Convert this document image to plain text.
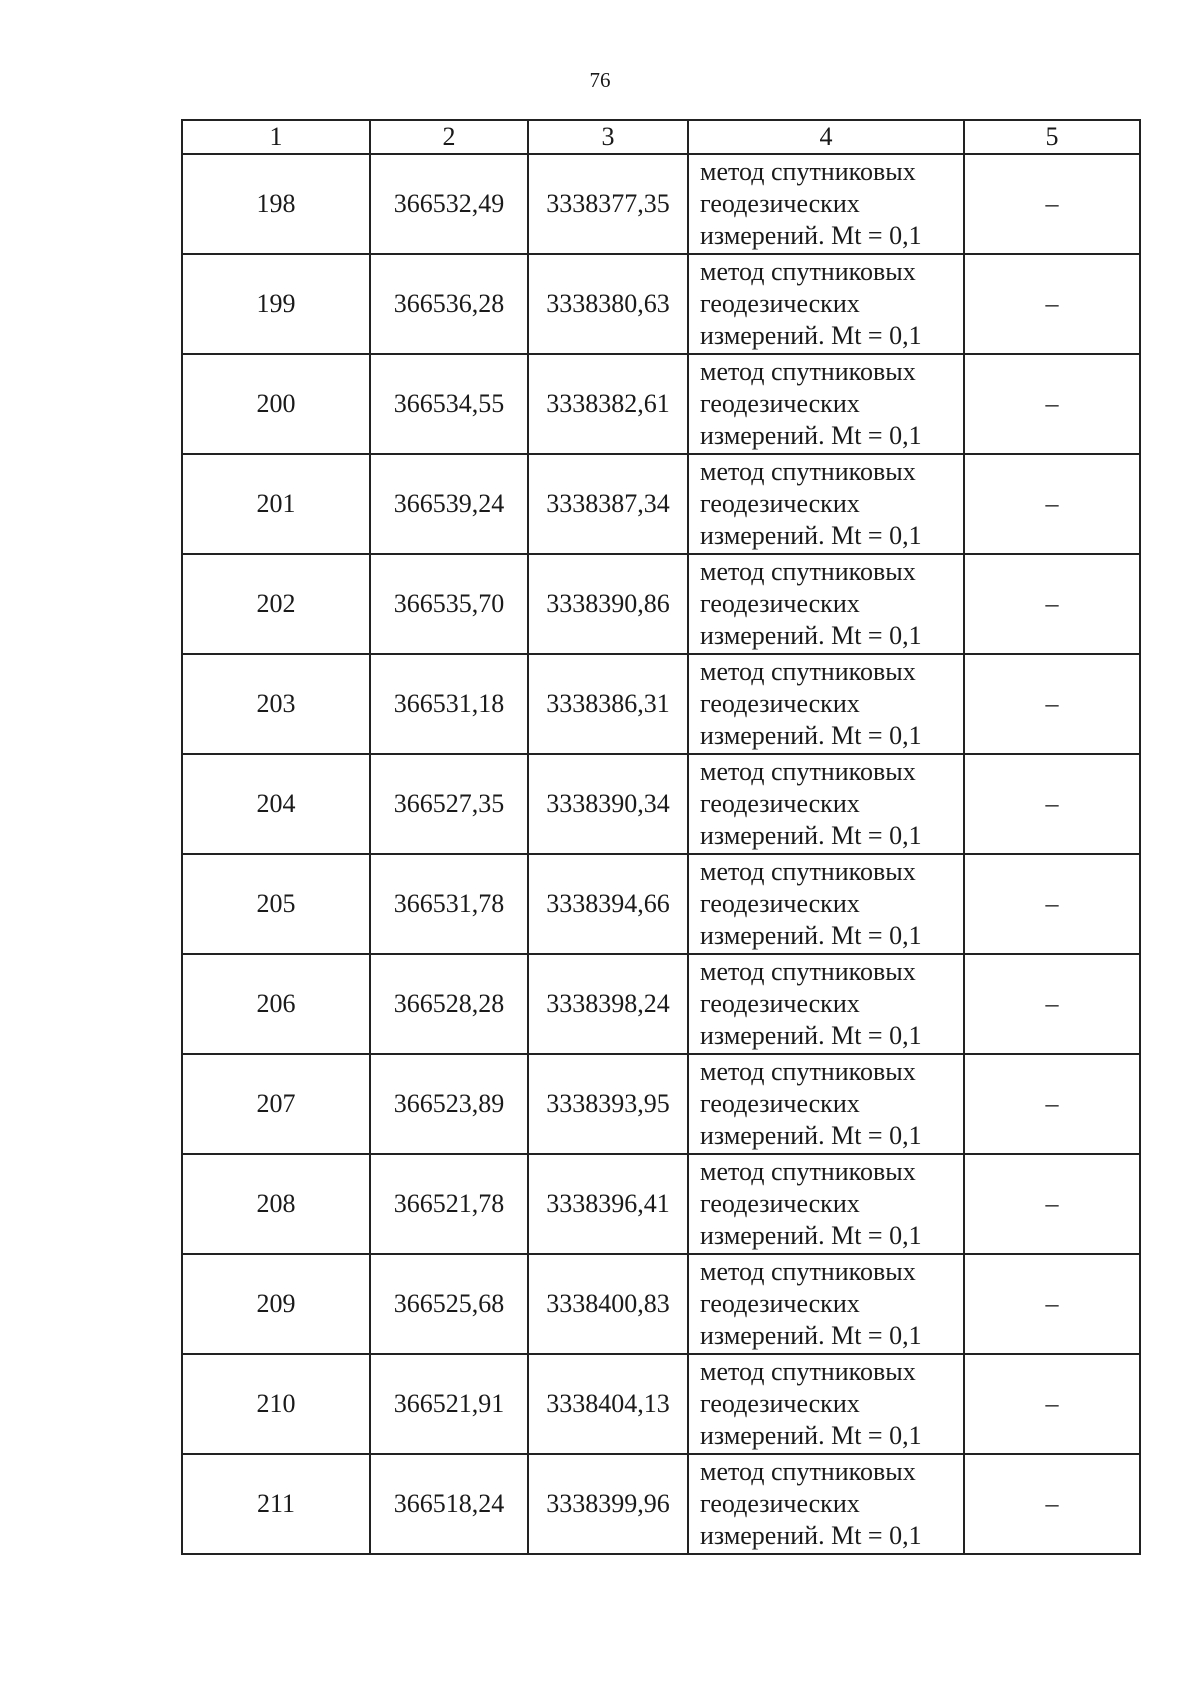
76
1	2	3	4	5
198	366532,49	3338377,35	метод спутниковых
геодезических
измерений. Mt = 0,1	–
199	366536,28	3338380,63	метод спутниковых
геодезических
измерений. Mt = 0,1	–
200	366534,55	3338382,61	метод спутниковых
геодезических
измерений. Mt = 0,1	–
201	366539,24	3338387,34	метод спутниковых
геодезических
измерений. Mt = 0,1	–
202	366535,70	3338390,86	метод спутниковых
геодезических
измерений. Mt = 0,1	–
203	366531,18	3338386,31	метод спутниковых
геодезических
измерений. Mt = 0,1	–
204	366527,35	3338390,34	метод спутниковых
геодезических
измерений. Mt = 0,1	–
205	366531,78	3338394,66	метод спутниковых
геодезических
измерений. Mt = 0,1	–
206	366528,28	3338398,24	метод спутниковых
геодезических
измерений. Mt = 0,1	–
207	366523,89	3338393,95	метод спутниковых
геодезических
измерений. Mt = 0,1	–
208	366521,78	3338396,41	метод спутниковых
геодезических
измерений. Mt = 0,1	–
209	366525,68	3338400,83	метод спутниковых
геодезических
измерений. Mt = 0,1	–
210	366521,91	3338404,13	метод спутниковых
геодезических
измерений. Mt = 0,1	–
211	366518,24	3338399,96	метод спутниковых
геодезических
измерений. Mt = 0,1	–
